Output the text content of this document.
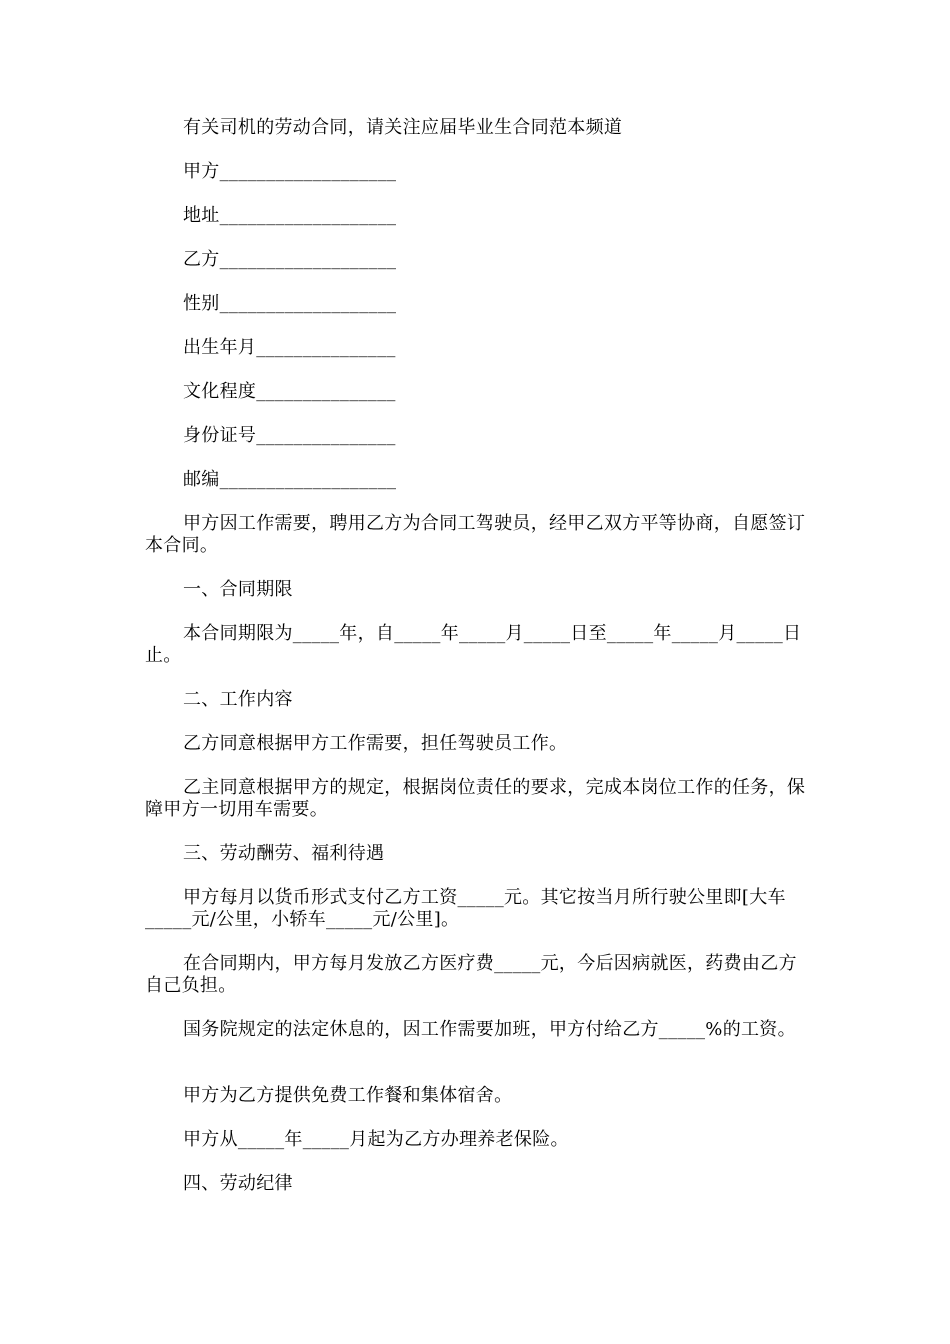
有关司机的劳动合同，请关注应届毕业生合同范本频道
甲方___________________
地址___________________
乙方___________________
性别___________________
出生年月_______________
文化程度_______________
身份证号_______________
邮编___________________
甲方因工作需要，聘用乙方为合同工驾驶员，经甲乙双方平等协商，自愿签订本合同。
一、合同期限
本合同期限为_____年，自_____年_____月_____日至_____年_____月_____日止。
二、工作内容
乙方同意根据甲方工作需要，担任驾驶员工作。
乙主同意根据甲方的规定，根据岗位责任的要求，完成本岗位工作的任务，保障甲方一切用车需要。
三、劳动酬劳、福利待遇
甲方每月以货币形式支付乙方工资_____元。其它按当月所行驶公里即[大车_____元/公里，小轿车_____元/公里]。
在合同期内，甲方每月发放乙方医疗费_____元，今后因病就医，药费由乙方自己负担。
国务院规定的法定休息的，因工作需要加班，甲方付给乙方_____%的工资。
甲方为乙方提供免费工作餐和集体宿舍。
甲方从_____年_____月起为乙方办理养老保险。
四、劳动纪律
